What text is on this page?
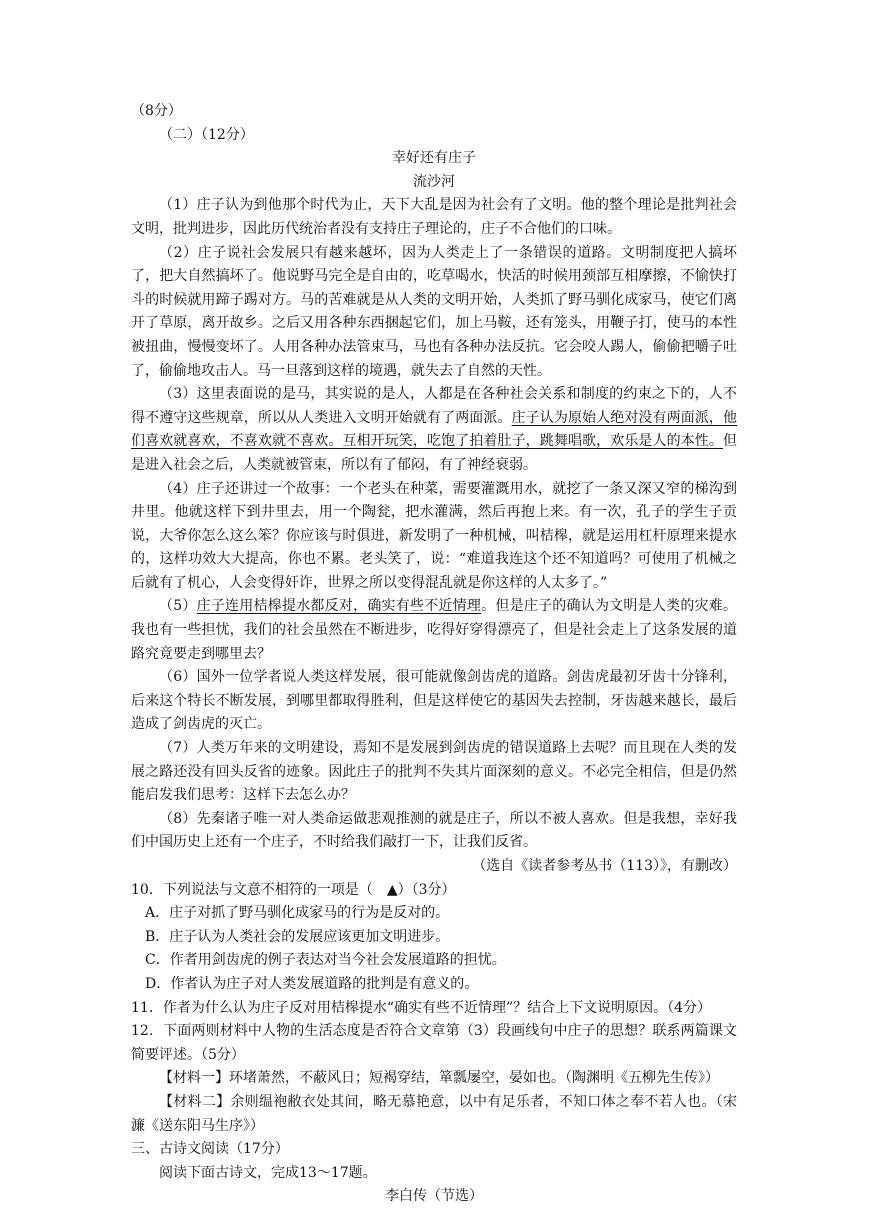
（8分）
（二）（12分）
幸好还有庄子
流沙河
（1）庄子认为到他那个时代为止，天下大乱是因为社会有了文明。他的整个理论是批判社会文明，批判进步，因此历代统治者没有支持庄子理论的，庄子不合他们的口味。
（2）庄子说社会发展只有越来越坏，因为人类走上了一条错误的道路。文明制度把人搞坏了，把大自然搞坏了。他说野马完全是自由的，吃草喝水，快活的时候用颈部互相摩擦，不愉快打斗的时候就用蹄子踢对方。马的苦难就是从人类的文明开始，人类抓了野马驯化成家马，使它们离开了草原，离开故乡。之后又用各种东西捆起它们，加上马鞍，还有笼头，用鞭子打，使马的本性被扭曲，慢慢变坏了。人用各种办法管束马，马也有各种办法反抗。它会咬人踢人，偷偷把嚼子吐了，偷偷地攻击人。马一旦落到这样的境遇，就失去了自然的天性。
（3）这里表面说的是马，其实说的是人，人都是在各种社会关系和制度的约束之下的，人不得不遵守这些规章，所以从人类进入文明开始就有了两面派。庄子认为原始人绝对没有两面派，他们喜欢就喜欢，不喜欢就不喜欢。互相开玩笑，吃饱了拍着肚子，跳舞唱歌，欢乐是人的本性。但是进入社会之后，人类就被管束，所以有了郁闷，有了神经衰弱。
（4）庄子还讲过一个故事：一个老头在种菜，需要灌溉用水，就挖了一条又深又窄的梯沟到井里。他就这样下到井里去，用一个陶瓮，把水灌满，然后再抱上来。有一次，孔子的学生子贡说，大爷你怎么这么笨？你应该与时俱进，新发明了一种机械，叫桔槔，就是运用杠杆原理来提水的，这样功效大大提高，你也不累。老头笑了，说：“难道我连这个还不知道吗？可使用了机械之后就有了机心，人会变得奸诈，世界之所以变得混乱就是你这样的人太多了。”
（5）庄子连用桔槔提水都反对，确实有些不近情理。但是庄子的确认为文明是人类的灾难。我也有一些担忧，我们的社会虽然在不断进步，吃得好穿得漂亮了，但是社会走上了这条发展的道路究竟要走到哪里去？
（6）国外一位学者说人类这样发展，很可能就像剑齿虎的道路。剑齿虎最初牙齿十分锋利，后来这个特长不断发展，到哪里都取得胜利，但是这样使它的基因失去控制，牙齿越来越长，最后造成了剑齿虎的灭亡。
（7）人类万年来的文明建设，焉知不是发展到剑齿虎的错误道路上去呢？而且现在人类的发展之路还没有回头反省的迹象。因此庄子的批判不失其片面深刻的意义。不必完全相信，但是仍然能启发我们思考：这样下去怎么办？
（8）先秦诸子唯一对人类命运做悲观推测的就是庄子，所以不被人喜欢。但是我想，幸好我们中国历史上还有一个庄子，不时给我们敲打一下，让我们反省。
（选自《读者参考丛书（113）》，有删改）
10．下列说法与文意不相符的一项是（　▲）（3分）
A．庄子对抓了野马驯化成家马的行为是反对的。
B．庄子认为人类社会的发展应该更加文明进步。
C．作者用剑齿虎的例子表达对当今社会发展道路的担忧。
D．作者认为庄子对人类发展道路的批判是有意义的。
11．作者为什么认为庄子反对用桔槔提水“确实有些不近情理”？结合上下文说明原因。（4分）
12．下面两则材料中人物的生活态度是否符合文章第（3）段画线句中庄子的思想？联系两篇课文简要评述。（5分）
【材料一】环堵萧然，不蔽风日；短褐穿结，箪瓢屡空，晏如也。（陶渊明《五柳先生传》）
【材料二】余则缊袍敝衣处其间，略无慕艳意，以中有足乐者，不知口体之奉不若人也。（宋濂《送东阳马生序》）
三、古诗文阅读（17分）
阅读下面古诗文，完成13～17题。
李白传（节选）
